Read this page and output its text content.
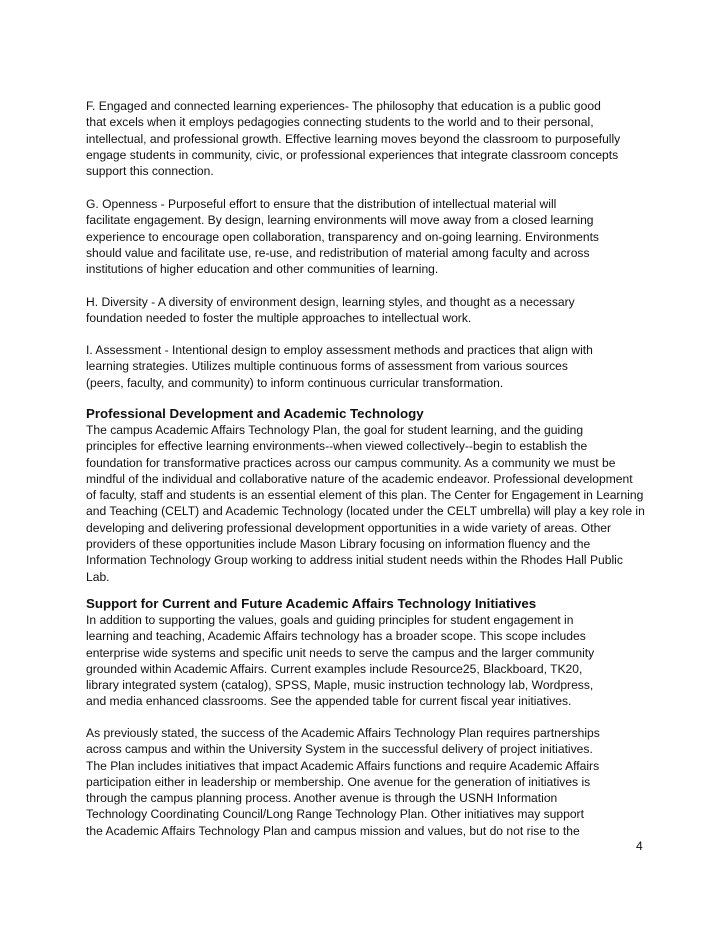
F. Engaged and connected learning experiences- The philosophy that education is a public good
that excels when it employs pedagogies connecting students to the world and to their personal,
intellectual, and professional growth. Effective learning moves beyond the classroom to purposefully
engage students in community, civic, or professional experiences that integrate classroom concepts
support this connection.
G. Openness - Purposeful effort to ensure that the distribution of intellectual material will
facilitate engagement. By design, learning environments will move away from a closed learning
experience to encourage open collaboration, transparency and on-going learning. Environments
should value and facilitate use, re-use, and redistribution of material among faculty and across
institutions of higher education and other communities of learning.
H. Diversity - A diversity of environment design, learning styles, and thought as a necessary
foundation needed to foster the multiple approaches to intellectual work.
I. Assessment - Intentional design to employ assessment methods and practices that align with
learning strategies. Utilizes multiple continuous forms of assessment from various sources
(peers, faculty, and community) to inform continuous curricular transformation.
Professional Development and Academic Technology
The campus Academic Affairs Technology Plan, the goal for student learning, and the guiding
principles for effective learning environments--when viewed collectively--begin to establish the
foundation for transformative practices across our campus community. As a community we must be
mindful of the individual and collaborative nature of the academic endeavor. Professional development
of faculty, staff and students is an essential element of this plan. The Center for Engagement in Learning
and Teaching (CELT) and Academic Technology (located under the CELT umbrella) will play a key role in
developing and delivering professional development opportunities in a wide variety of areas. Other
providers of these opportunities include Mason Library focusing on information fluency and the
Information Technology Group working to address initial student needs within the Rhodes Hall Public
Lab.
Support for Current and Future Academic Affairs Technology Initiatives
In addition to supporting the values, goals and guiding principles for student engagement in
learning and teaching, Academic Affairs technology has a broader scope. This scope includes
enterprise wide systems and specific unit needs to serve the campus and the larger community
grounded within Academic Affairs. Current examples include Resource25, Blackboard, TK20,
library integrated system (catalog), SPSS, Maple, music instruction technology lab, Wordpress,
and media enhanced classrooms. See the appended table for current fiscal year initiatives.
As previously stated, the success of the Academic Affairs Technology Plan requires partnerships
across campus and within the University System in the successful delivery of project initiatives.
The Plan includes initiatives that impact Academic Affairs functions and require Academic Affairs
participation either in leadership or membership. One avenue for the generation of initiatives is
through the campus planning process. Another avenue is through the USNH Information
Technology Coordinating Council/Long Range Technology Plan. Other initiatives may support
the Academic Affairs Technology Plan and campus mission and values, but do not rise to the
4
